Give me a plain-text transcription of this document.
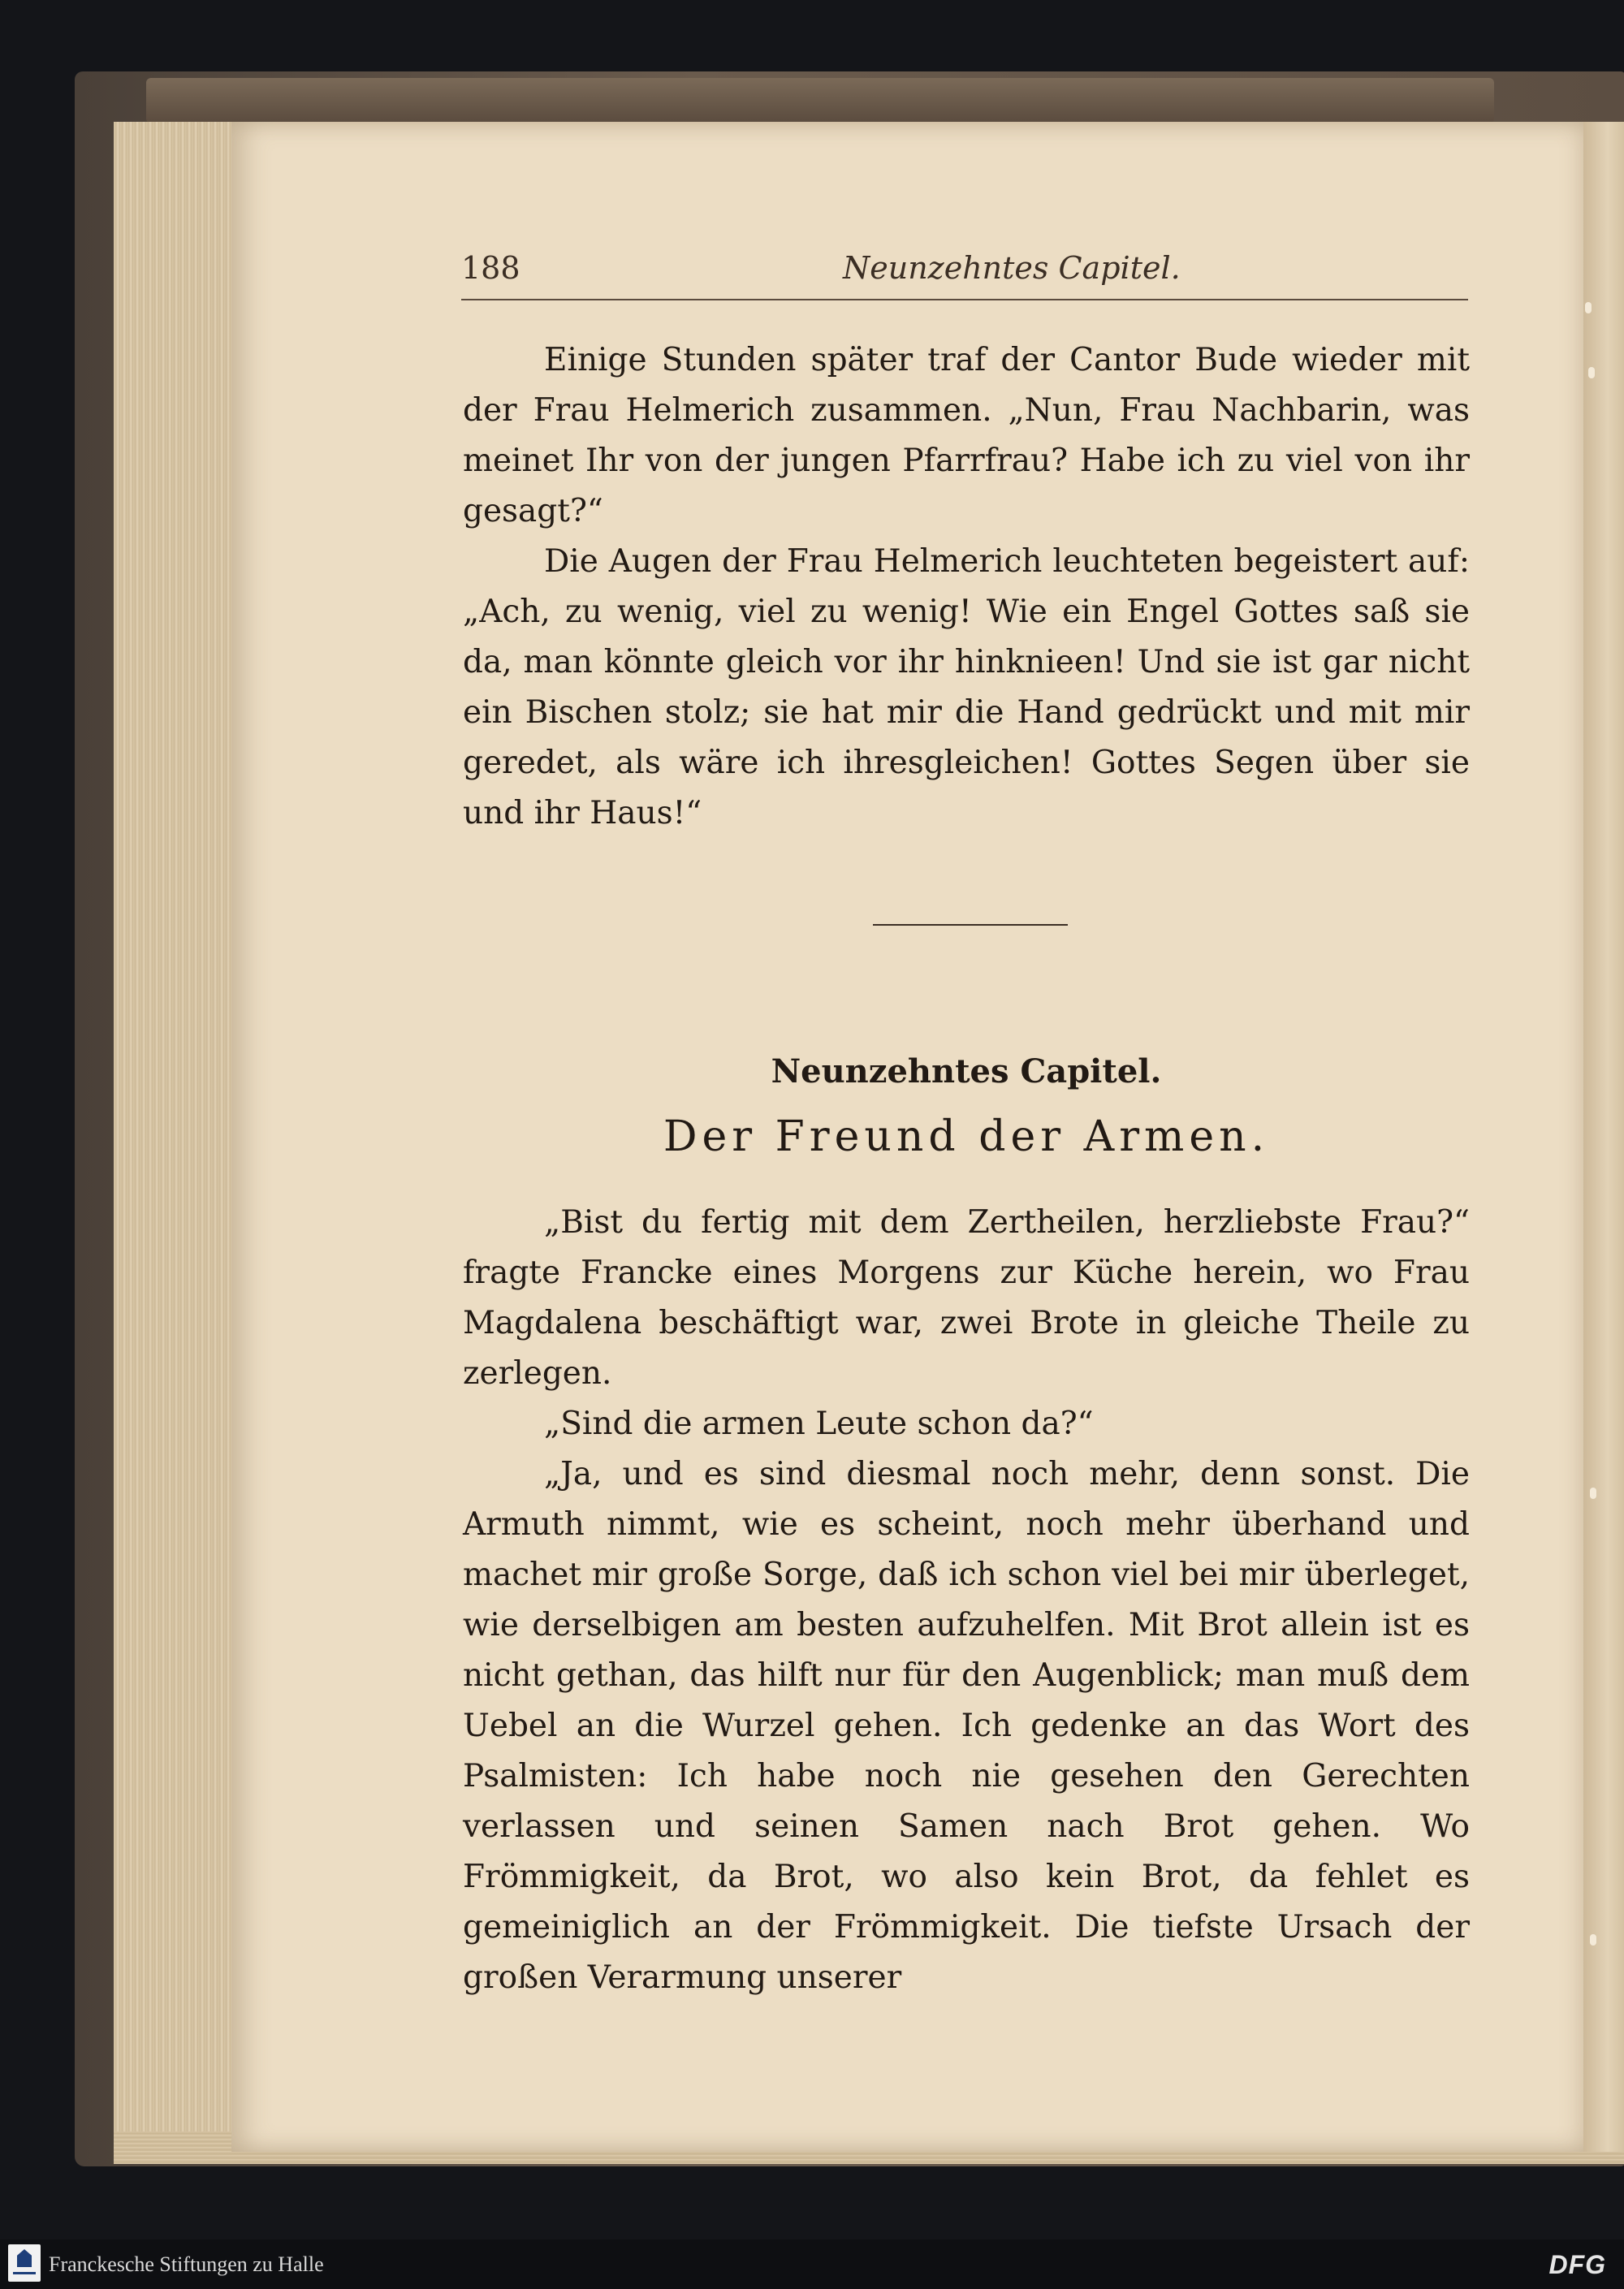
188	Neunzehntes Capitel.

Einige Stunden später traf der Cantor Bude wieder mit der Frau Helmerich zusammen. „Nun, Frau Nachbarin, was meinet Ihr von der jungen Pfarrfrau? Habe ich zu viel von ihr gesagt?“

Die Augen der Frau Helmerich leuchteten begeistert auf: „Ach, zu wenig, viel zu wenig! Wie ein Engel Gottes saß sie da, man könnte gleich vor ihr hinknieen! Und sie ist gar nicht ein Bischen stolz; sie hat mir die Hand gedrückt und mit mir geredet, als wäre ich ihresgleichen! Gottes Segen über sie und ihr Haus!“

Neunzehntes Capitel.
Der Freund der Armen.

„Bist du fertig mit dem Zertheilen, herzliebste Frau?“ fragte Francke eines Morgens zur Küche herein, wo Frau Magdalena beschäftigt war, zwei Brote in gleiche Theile zu zerlegen.

„Sind die armen Leute schon da?“

„Ja, und es sind diesmal noch mehr, denn sonst. Die Armuth nimmt, wie es scheint, noch mehr überhand und machet mir große Sorge, daß ich schon viel bei mir überleget, wie derselbigen am besten aufzuhelfen. Mit Brot allein ist es nicht gethan, das hilft nur für den Augenblick; man muß dem Uebel an die Wurzel gehen. Ich gedenke an das Wort des Psalmisten: Ich habe noch nie gesehen den Gerechten verlassen und seinen Samen nach Brot gehen. Wo Frömmigkeit, da Brot, wo also kein Brot, da fehlet es gemeiniglich an der Frömmigkeit. Die tiefste Ursach der großen Verarmung unserer

Franckesche Stiftungen zu Halle	DFG
